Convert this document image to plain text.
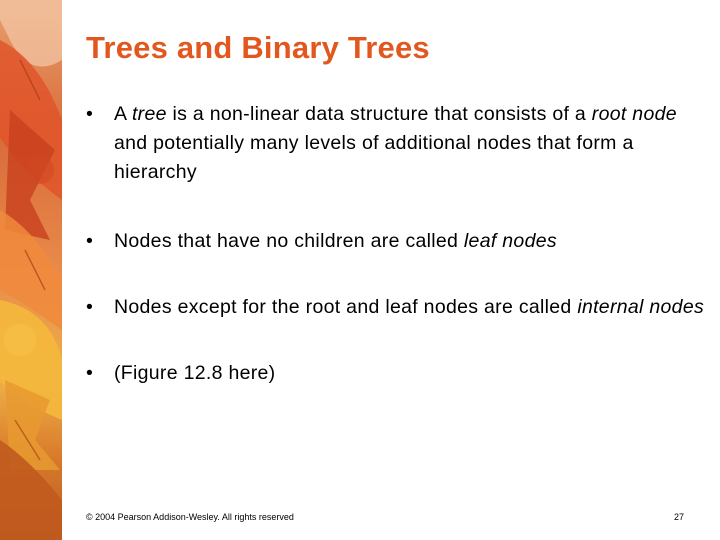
Trees and Binary Trees
• A tree is a non-linear data structure that consists of a root node and potentially many levels of additional nodes that form a hierarchy
• Nodes that have no children are called leaf nodes
• Nodes except for the root and leaf nodes are called internal nodes
• (Figure 12.8 here)
© 2004 Pearson Addison-Wesley. All rights reserved	27
